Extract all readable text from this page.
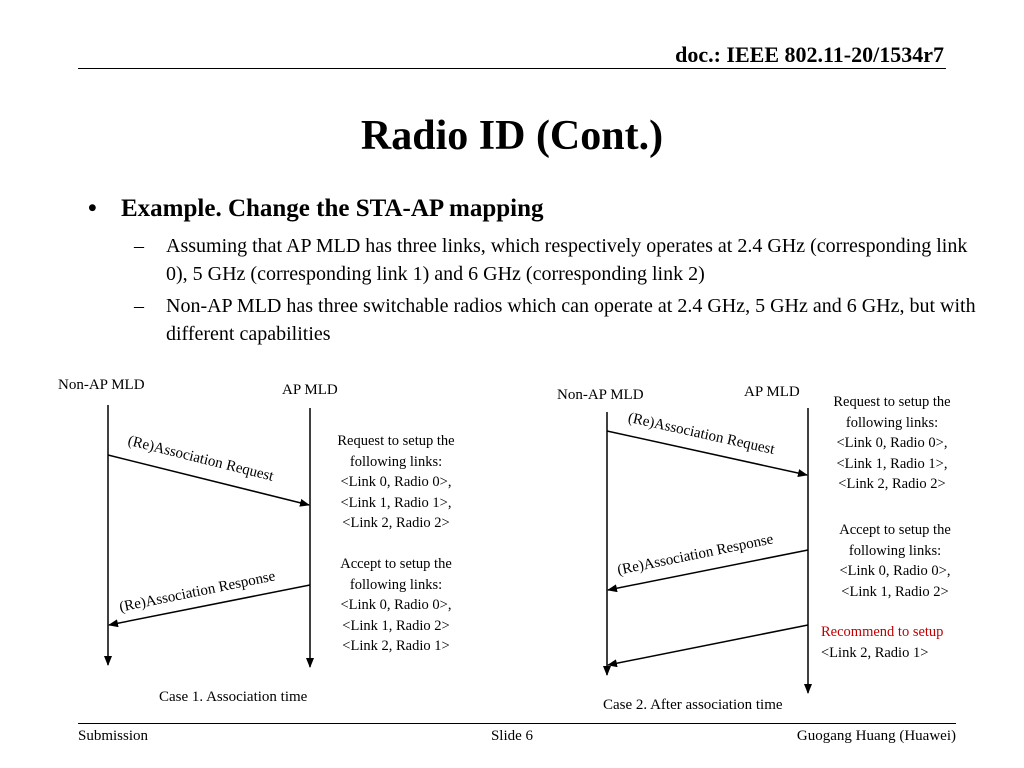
doc.: IEEE 802.11-20/1534r7
Radio ID (Cont.)
• Example. Change the STA-AP mapping
– Assuming that AP MLD has three links, which respectively operates at 2.4 GHz (corresponding link 0), 5 GHz (corresponding link 1) and 6 GHz (corresponding link 2)
– Non-AP MLD has three switchable radios which can operate at 2.4 GHz, 5 GHz and 6 GHz, but with different capabilities
Non-AP MLD	AP MLD
(Re)Association Request
(Re)Association Response
Request to setup the
following links:
<Link 0, Radio 0>,
<Link 1, Radio 1>,
<Link 2, Radio 2>
Accept to setup the
following links:
<Link 0, Radio 0>,
<Link 1, Radio 2>
<Link 2, Radio 1>
Case 1. Association time
Non-AP MLD	AP MLD
(Re)Association Request
(Re)Association Response
Request to setup the
following links:
<Link 0, Radio 0>,
<Link 1, Radio 1>,
<Link 2, Radio 2>
Accept to setup the
following links:
<Link 0, Radio 0>,
<Link 1, Radio 2>
Recommend to setup
<Link 2, Radio 1>
Case 2. After association time
Submission	Slide 6	Guogang Huang (Huawei)
